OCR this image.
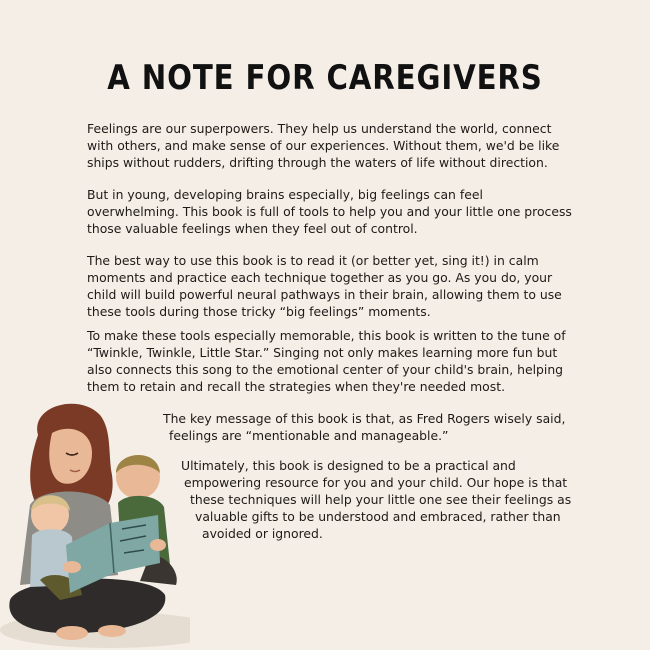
A NOTE FOR CAREGIVERS

Feelings are our superpowers. They help us understand the world, connect with others, and make sense of our experiences. Without them, we'd be like ships without rudders, drifting through the waters of life without direction.

But in young, developing brains especially, big feelings can feel overwhelming. This book is full of tools to help you and your little one process those valuable feelings when they feel out of control.

The best way to use this book is to read it (or better yet, sing it!) in calm moments and practice each technique together as you go. As you do, your child will build powerful neural pathways in their brain, allowing them to use these tools during those tricky “big feelings” moments.

To make these tools especially memorable, this book is written to the tune of “Twinkle, Twinkle, Little Star.” Singing not only makes learning more fun but also connects this song to the emotional center of your child's brain, helping them to retain and recall the strategies when they're needed most.

The key message of this book is that, as Fred Rogers wisely said,
feelings are “mentionable and manageable.”
Ultimately, this book is designed to be a practical and
empowering resource for you and your child. Our hope is that
these techniques will help your little one see their feelings as
valuable gifts to be understood and embraced, rather than
avoided or ignored.
